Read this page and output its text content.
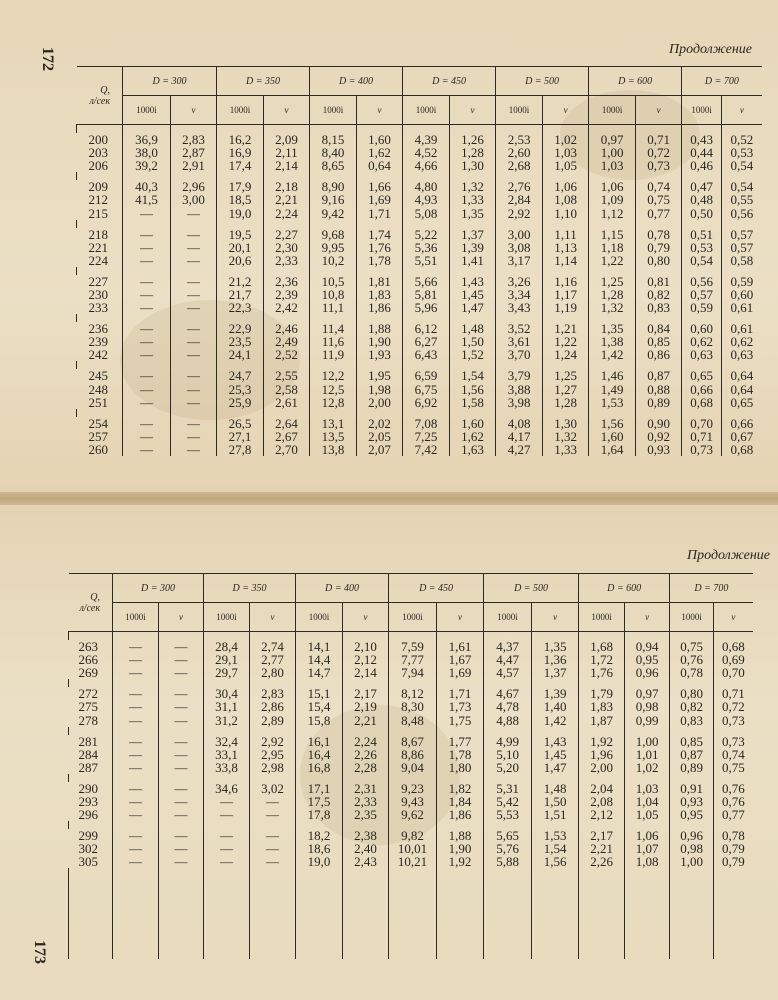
172	Продолжение
Q,
л/сек	D = 300		D = 350		D = 400		D = 450		D = 500		D = 600		D = 700	
	1000i	v	1000i	v	1000i	v	1000i	v	1000i	v	1000i	v	1000i	v

200	36,9	2,83	16,2	2,09	8,15	1,60	4,39	1,26	2,53	1,02	0,97	0,71	0,43	0,52
203	38,0	2,87	16,9	2,11	8,40	1,62	4,52	1,28	2,60	1,03	1,00	0,72	0,44	0,53
206	39,2	2,91	17,4	2,14	8,65	0,64	4,66	1,30	2,68	1,05	1,03	0,73	0,46	0,54

209	40,3	2,96	17,9	2,18	8,90	1,66	4,80	1,32	2,76	1,06	1,06	0,74	0,47	0,54
212	41,5	3,00	18,5	2,21	9,16	1,69	4,93	1,33	2,84	1,08	1,09	0,75	0,48	0,55
215	—	—	19,0	2,24	9,42	1,71	5,08	1,35	2,92	1,10	1,12	0,77	0,50	0,56

218	—	—	19,5	2,27	9,68	1,74	5,22	1,37	3,00	1,11	1,15	0,78	0,51	0,57
221	—	—	20,1	2,30	9,95	1,76	5,36	1,39	3,08	1,13	1,18	0,79	0,53	0,57
224	—	—	20,6	2,33	10,2	1,78	5,51	1,41	3,17	1,14	1,22	0,80	0,54	0,58

227	—	—	21,2	2,36	10,5	1,81	5,66	1,43	3,26	1,16	1,25	0,81	0,56	0,59
230	—	—	21,7	2,39	10,8	1,83	5,81	1,45	3,34	1,17	1,28	0,82	0,57	0,60
233	—	—	22,3	2,42	11,1	1,86	5,96	1,47	3,43	1,19	1,32	0,83	0,59	0,61

236	—	—	22,9	2,46	11,4	1,88	6,12	1,48	3,52	1,21	1,35	0,84	0,60	0,61
239	—	—	23,5	2,49	11,6	1,90	6,27	1,50	3,61	1,22	1,38	0,85	0,62	0,62
242	—	—	24,1	2,52	11,9	1,93	6,43	1,52	3,70	1,24	1,42	0,86	0,63	0,63

245	—	—	24,7	2,55	12,2	1,95	6,59	1,54	3,79	1,25	1,46	0,87	0,65	0,64
248	—	—	25,3	2,58	12,5	1,98	6,75	1,56	3,88	1,27	1,49	0,88	0,66	0,64
251	—	—	25,9	2,61	12,8	2,00	6,92	1,58	3,98	1,28	1,53	0,89	0,68	0,65

254	—	—	26,5	2,64	13,1	2,02	7,08	1,60	4,08	1,30	1,56	0,90	0,70	0,66
257	—	—	27,1	2,67	13,5	2,05	7,25	1,62	4,17	1,32	1,60	0,92	0,71	0,67
260	—	—	27,8	2,70	13,8	2,07	7,42	1,63	4,27	1,33	1,64	0,93	0,73	0,68

173
Продолжение
Q,
л/сек	D = 300		D = 350		D = 400		D = 450		D = 500		D = 600		D = 700	
	1000i	v	1000i	v	1000i	v	1000i	v	1000i	v	1000i	v	1000i	v

263	—	—	28,4	2,74	14,1	2,10	7,59	1,61	4,37	1,35	1,68	0,94	0,75	0,68
266	—	—	29,1	2,77	14,4	2,12	7,77	1,67	4,47	1,36	1,72	0,95	0,76	0,69
269	—	—	29,7	2,80	14,7	2,14	7,94	1,69	4,57	1,37	1,76	0,96	0,78	0,70

272	—	—	30,4	2,83	15,1	2,17	8,12	1,71	4,67	1,39	1,79	0,97	0,80	0,71
275	—	—	31,1	2,86	15,4	2,19	8,30	1,73	4,78	1,40	1,83	0,98	0,82	0,72
278	—	—	31,2	2,89	15,8	2,21	8,48	1,75	4,88	1,42	1,87	0,99	0,83	0,73

281	—	—	32,4	2,92	16,1	2,24	8,67	1,77	4,99	1,43	1,92	1,00	0,85	0,73
284	—	—	33,1	2,95	16,4	2,26	8,86	1,78	5,10	1,45	1,96	1,01	0,87	0,74
287	—	—	33,8	2,98	16,8	2,28	9,04	1,80	5,20	1,47	2,00	1,02	0,89	0,75

290	—	—	34,6	3,02	17,1	2,31	9,23	1,82	5,31	1,48	2,04	1,03	0,91	0,76
293	—	—	—	—	17,5	2,33	9,43	1,84	5,42	1,50	2,08	1,04	0,93	0,76
296	—	—	—	—	17,8	2,35	9,62	1,86	5,53	1,51	2,12	1,05	0,95	0,77

299	—	—	—	—	18,2	2,38	9,82	1,88	5,65	1,53	2,17	1,06	0,96	0,78
302	—	—	—	—	18,6	2,40	10,01	1,90	5,76	1,54	2,21	1,07	0,98	0,79
305	—	—	—	—	19,0	2,43	10,21	1,92	5,88	1,56	2,26	1,08	1,00	0,79
